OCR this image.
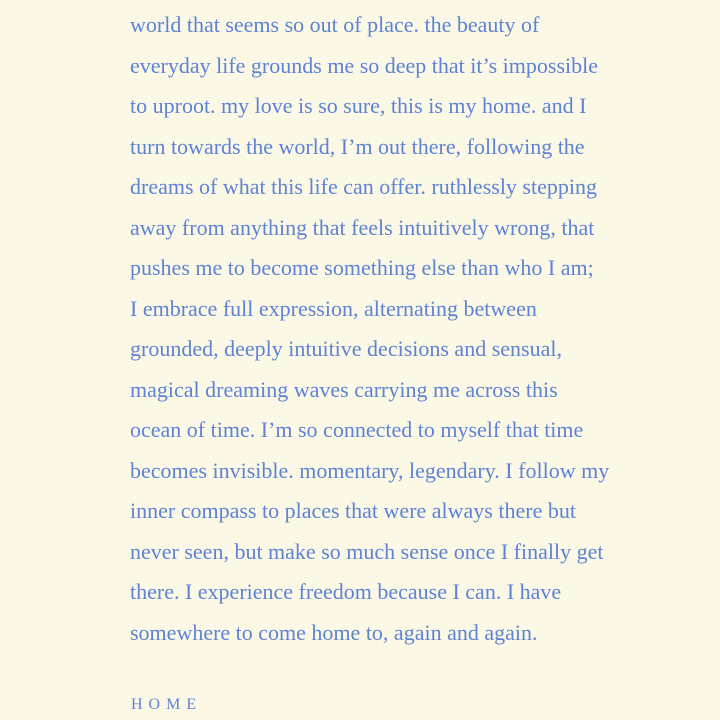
world that seems so out of place. the beauty of
everyday life grounds me so deep that it’s impossible
to uproot. my love is so sure, this is my home. and I
turn towards the world, I’m out there, following the
dreams of what this life can offer. ruthlessly stepping
away from anything that feels intuitively wrong, that
pushes me to become something else than who I am;
I embrace full expression, alternating between
grounded, deeply intuitive decisions and sensual,
magical dreaming waves carrying me across this
ocean of time. I’m so connected to myself that time
becomes invisible. momentary, legendary. I follow my
inner compass to places that were always there but
never seen, but make so much sense once I finally get
there. I experience freedom because I can. I have
somewhere to come home to, again and again.
HOME
